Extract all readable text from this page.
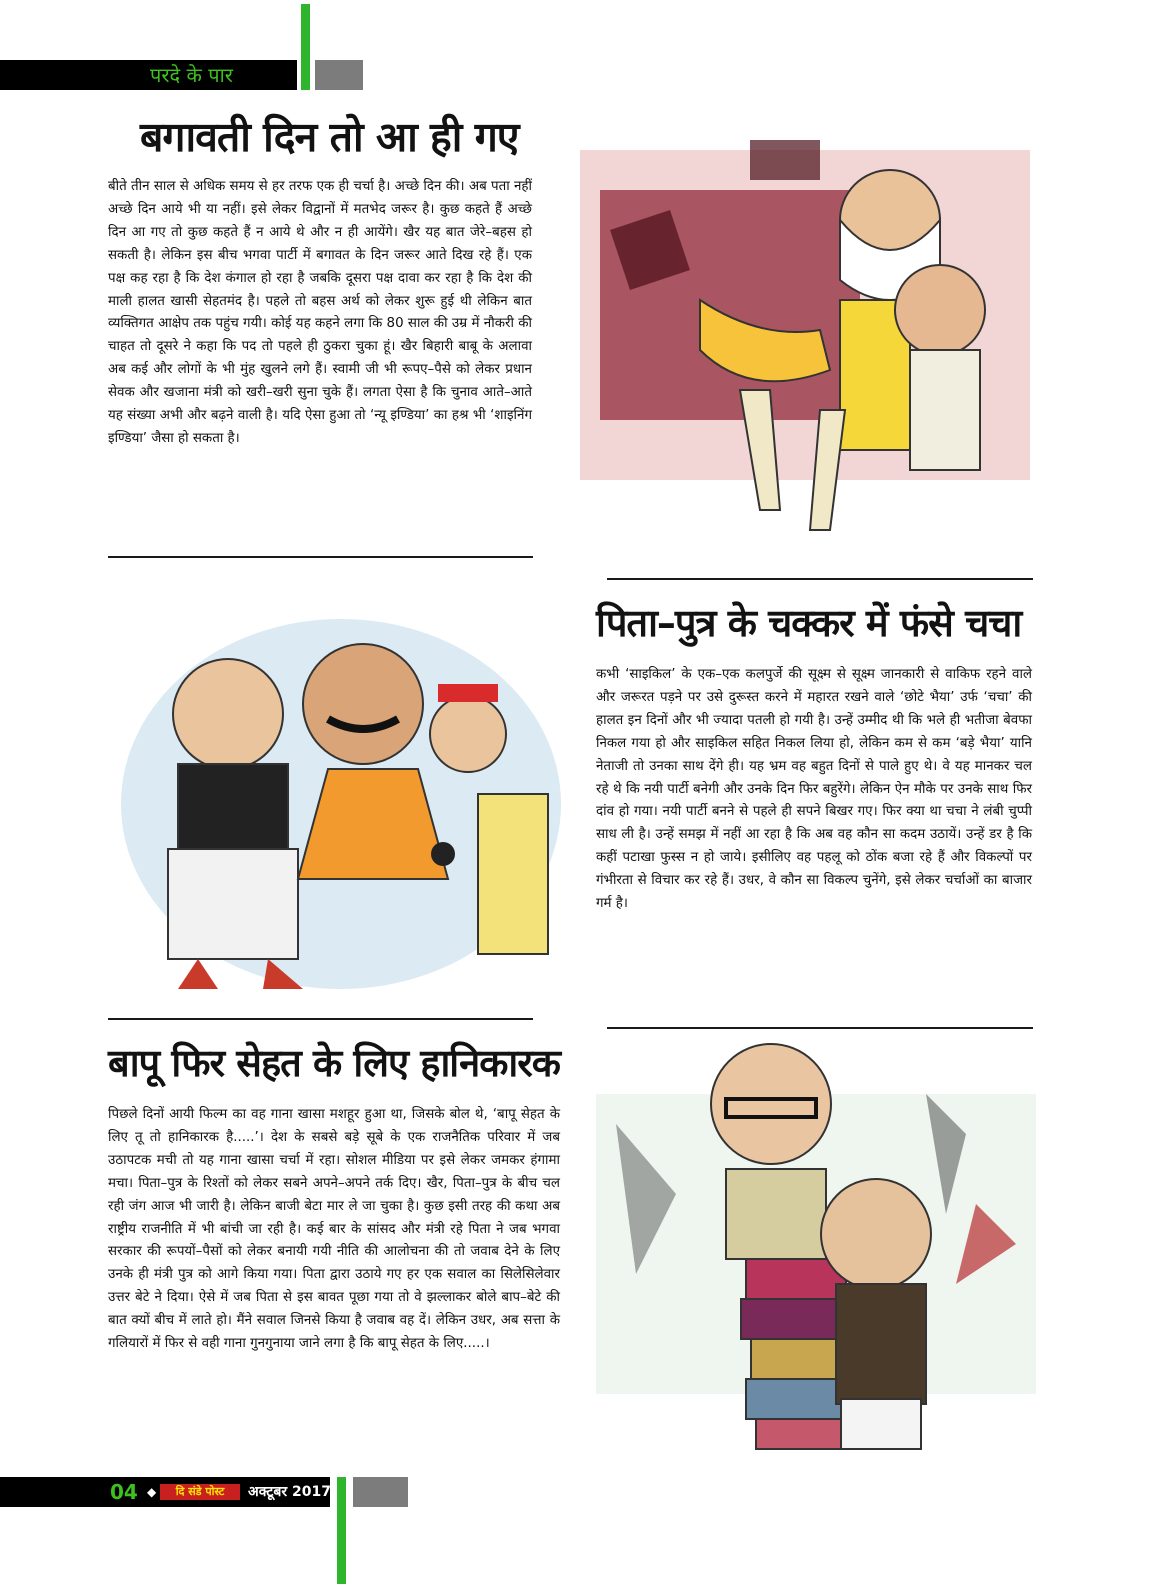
परदे के पार
बगावती दिन तो आ ही गए

बीते तीन साल से अधिक समय से हर तरफ एक ही चर्चा है। अच्छे दिन की। अब पता नहीं अच्छे दिन आये भी या नहीं। इसे लेकर विद्वानों में मतभेद जरूर है। कुछ कहते हैं अच्छे दिन आ गए तो कुछ कहते हैं न आये थे और न ही आयेंगे। खैर यह बात जेरे–बहस हो सकती है। लेकिन इस बीच भगवा पार्टी में बगावत के दिन जरूर आते दिख रहे हैं। एक पक्ष कह रहा है कि देश कंगाल हो रहा है जबकि दूसरा पक्ष दावा कर रहा है कि देश की माली हालत खासी सेहतमंद है। पहले तो बहस अर्थ को लेकर शुरू हुई थी लेकिन बात व्यक्तिगत आक्षेप तक पहुंच गयी। कोई यह कहने लगा कि 80 साल की उम्र में नौकरी की चाहत तो दूसरे ने कहा कि पद तो पहले ही ठुकरा चुका हूं। खैर बिहारी बाबू के अलावा अब कई और लोगों के भी मुंह खुलने लगे हैं। स्वामी जी भी रूपए–पैसे को लेकर प्रधान सेवक और खजाना मंत्री को खरी–खरी सुना चुके हैं। लगता ऐसा है कि चुनाव आते–आते यह संख्या अभी और बढ़ने वाली है। यदि ऐसा हुआ तो ‘न्यू इण्डिया’ का हश्र भी ‘शाइनिंग इण्डिया’ जैसा हो सकता है।

पिता–पुत्र के चक्कर में फंसे चचा

कभी ‘साइकिल’ के एक–एक कलपुर्जे की सूक्ष्म से सूक्ष्म जानकारी से वाकिफ रहने वाले और जरूरत पड़ने पर उसे दुरूस्त करने में महारत रखने वाले ‘छोटे भैया’ उर्फ ‘चचा’ की हालत इन दिनों और भी ज्यादा पतली हो गयी है। उन्हें उम्मीद थी कि भले ही भतीजा बेवफा निकल गया हो और साइकिल सहित निकल लिया हो, लेकिन कम से कम ‘बड़े भैया’ यानि नेताजी तो उनका साथ देंगे ही। यह भ्रम वह बहुत दिनों से पाले हुए थे। वे यह मानकर चल रहे थे कि नयी पार्टी बनेगी और उनके दिन फिर बहुरेंगे। लेकिन ऐन मौके पर उनके साथ फिर दांव हो गया। नयी पार्टी बनने से पहले ही सपने बिखर गए। फिर क्या था चचा ने लंबी चुप्पी साध ली है। उन्हें समझ में नहीं आ रहा है कि अब वह कौन सा कदम उठायें। उन्हें डर है कि कहीं पटाखा फुस्स न हो जाये। इसीलिए वह पहलू को ठोंक बजा रहे हैं और विकल्पों पर गंभीरता से विचार कर रहे हैं। उधर, वे कौन सा विकल्प चुनेंगे, इसे लेकर चर्चाओं का बाजार गर्म है।

बापू फिर सेहत के लिए हानिकारक

पिछले दिनों आयी फिल्म का वह गाना खासा मशहूर हुआ था, जिसके बोल थे, ‘बापू सेहत के लिए तू तो हानिकारक है.....’। देश के सबसे बड़े सूबे के एक राजनैतिक परिवार में जब उठापटक मची तो यह गाना खासा चर्चा में रहा। सोशल मीडिया पर इसे लेकर जमकर हंगामा मचा। पिता–पुत्र के रिश्तों को लेकर सबने अपने–अपने तर्क दिए। खैर, पिता–पुत्र के बीच चल रही जंग आज भी जारी है। लेकिन बाजी बेटा मार ले जा चुका है। कुछ इसी तरह की कथा अब राष्ट्रीय राजनीति में भी बांची जा रही है। कई बार के सांसद और मंत्री रहे पिता ने जब भगवा सरकार की रूपयों–पैसों को लेकर बनायी गयी नीति की आलोचना की तो जवाब देने के लिए उनके ही मंत्री पुत्र को आगे किया गया। पिता द्वारा उठाये गए हर एक सवाल का सिलेसिलेवार उत्तर बेटे ने दिया। ऐसे में जब पिता से इस बावत पूछा गया तो वे झल्लाकर बोले बाप–बेटे की बात क्यों बीच में लाते हो। मैंने सवाल जिनसे किया है जवाब वह दें। लेकिन उधर, अब सत्ता के गलियारों में फिर से वही गाना गुनगुनाया जाने लगा है कि बापू सेहत के लिए.....।

04 ◆	दि संडे पोस्ट	अक्टूबर 2017
